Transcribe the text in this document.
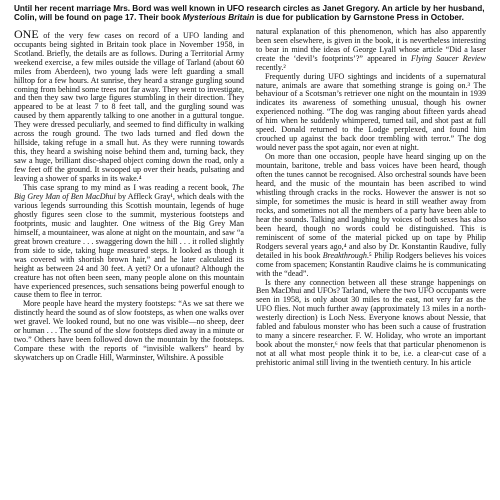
Until her recent marriage Mrs. Bord was well known in UFO research circles as Janet Gregory. An article by her husband, Colin, will be found on page 17. Their book Mysterious Britain is due for publication by Garnstone Press in October.

ONE of the very few cases on record of a UFO landing and occupants being sighted in Britain took place in November 1958, in Scotland. Briefly, the details are as follows. During a Territorial Army weekend exercise, a few miles outside the village of Tarland (about 60 miles from Aberdeen), two young lads were left guarding a small hilltop for a few hours. At sunrise, they heard a strange gurgling sound coming from behind some trees not far away. They went to investigate, and then they saw two large figures stumbling in their direction. They appeared to be at least 7 to 8 feet tall, and the gurgling sound was caused by them apparently talking to one another in a guttural tongue. They were dressed peculiarly, and seemed to find difficulty in walking across the rough ground. The two lads turned and fled down the hillside, taking refuge in a small hut. As they were running towards this, they heard a swishing noise behind them and, turning back, they saw a huge, brilliant disc-shaped object coming down the road, only a few feet off the ground. It swooped up over their heads, pulsating and leaving a shower of sparks in its wake.⁴

This case sprang to my mind as I was reading a recent book, The Big Grey Man of Ben MacDhui by Affleck Gray¹, which deals with the various legends surrounding this Scottish mountain, legends of huge ghostly figures seen close to the summit, mysterious footsteps and footprints, music and laughter. One witness of the Big Grey Man himself, a mountaineer, was alone at night on the mountain, and saw “a great brown creature . . . swaggering down the hill . . . it rolled slightly from side to side, taking huge measured steps. It looked as though it was covered with shortish brown hair,” and he later calculated its height as between 24 and 30 feet. A yeti? Or a ufonaut? Although the creature has not often been seen, many people alone on this mountain have experienced presences, such sensations being powerful enough to cause them to flee in terror.

More people have heard the mystery footsteps: “As we sat there we distinctly heard the sound as of slow footsteps, as when one walks over wet gravel. We looked round, but no one was visible—no sheep, deer or human . . . The sound of the slow footsteps died away in a minute or two.” Others have been followed down the mountain by the footsteps. Compare these with the reports of “invisible walkers” heard by skywatchers up on Cradle Hill, Warminster, Wiltshire. A possible

natural explanation of this phenomenon, which has also apparently been seen elsewhere, is given in the book, it is nevertheless interesting to bear in mind the ideas of George Lyall whose article “Did a laser create the ‘devil’s footprints’?” appeared in Flying Saucer Review recently.²

Frequently during UFO sightings and incidents of a supernatural nature, animals are aware that something strange is going on.³ The behaviour of a Scotsman’s retriever one night on the mountain in 1939 indicates its awareness of something unusual, though his owner experienced nothing. “The dog was ranging about fifteen yards ahead of him when he suddenly whimpered, turned tail, and shot past at full speed. Donald returned to the Lodge perplexed, and found him crouched up against the back door trembling with terror.” The dog would never pass the spot again, nor even at night.

On more than one occasion, people have heard singing up on the mountain, baritone, treble and bass voices have been heard, though often the tunes cannot be recognised. Also orchestral sounds have been heard, and the music of the mountain has been ascribed to wind whistling through cracks in the rocks. However the answer is not so simple, for sometimes the music is heard in still weather away from rocks, and sometimes not all the members of a party have been able to hear the sounds. Talking and laughing by voices of both sexes has also been heard, though no words could be distinguished. This is reminiscent of some of the material picked up on tape by Philip Rodgers several years ago,⁴ and also by Dr. Konstantin Raudive, fully detailed in his book Breakthrough.⁵ Philip Rodgers believes his voices come from spacemen; Konstantin Raudive claims he is communicating with the “dead”.

Is there any connection between all these strange happenings on Ben MacDhui and UFOs? Tarland, where the two UFO occupants were seen in 1958, is only about 30 miles to the east, not very far as the UFO flies. Not much further away (approximately 13 miles in a north-westerly direction) is Loch Ness. Everyone knows about Nessie, that fabled and fabulous monster who has been such a cause of frustration to many a sincere researcher. F. W. Holiday, who wrote an important book about the monster,⁶ now feels that that particular phenomenon is not at all what most people think it to be, i.e. a clear-cut case of a prehistoric animal still living in the twentieth century. In his article
